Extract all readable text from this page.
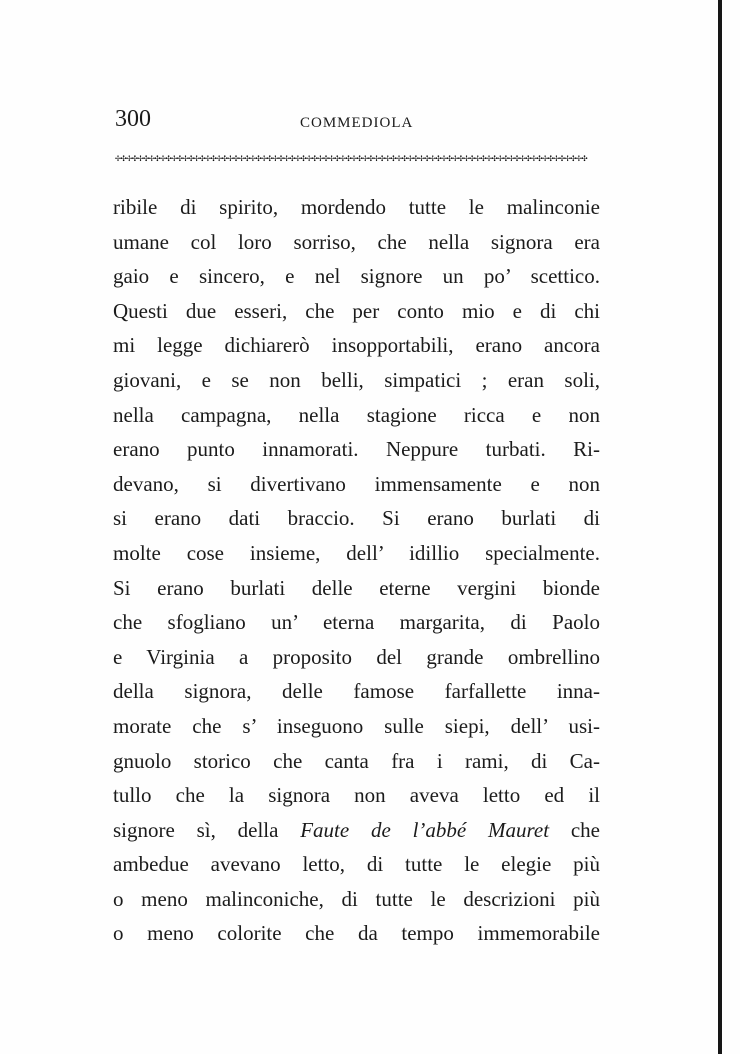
300	COMMEDIOLA
✢✣✢✣✢✣✢✣✢✣✢✣✢✣✢✣✢✣✢✣✢✣✢✣✢✣✢✣✢✣✢✣✢✣✢✣✢✣✢✣✢✣✢✣✢✣✢✣✢✣✢✣✢✣✢✣✢✣✢✣✢✣✢✣✢✣✢✣✢✣✢✣✢✣✢✣✢✣✢✣✢✣✢✣
ribile di spirito, mordendo tutte le malinconie
umane col loro sorriso, che nella signora era
gaio e sincero, e nel signore un po’ scettico.
Questi due esseri, che per conto mio e di chi
mi legge dichiarerò insopportabili, erano ancora
giovani, e se non belli, simpatici ; eran soli,
nella campagna, nella stagione ricca e non
erano punto innamorati. Neppure turbati. Ri-
devano, si divertivano immensamente e non
si erano dati braccio. Si erano burlati di
molte cose insieme, dell’ idillio specialmente.
Si erano burlati delle eterne vergini bionde
che sfogliano un’ eterna margarita, di Paolo
e Virginia a proposito del grande ombrellino
della signora, delle famose farfallette inna-
morate che s’ inseguono sulle siepi, dell’ usi-
gnuolo storico che canta fra i rami, di Ca-
tullo che la signora non aveva letto ed il
signore sì, della Faute de l’abbé Mauret che
ambedue avevano letto, di tutte le elegie più
o meno malinconiche, di tutte le descrizioni più
o meno colorite che da tempo immemorabile
